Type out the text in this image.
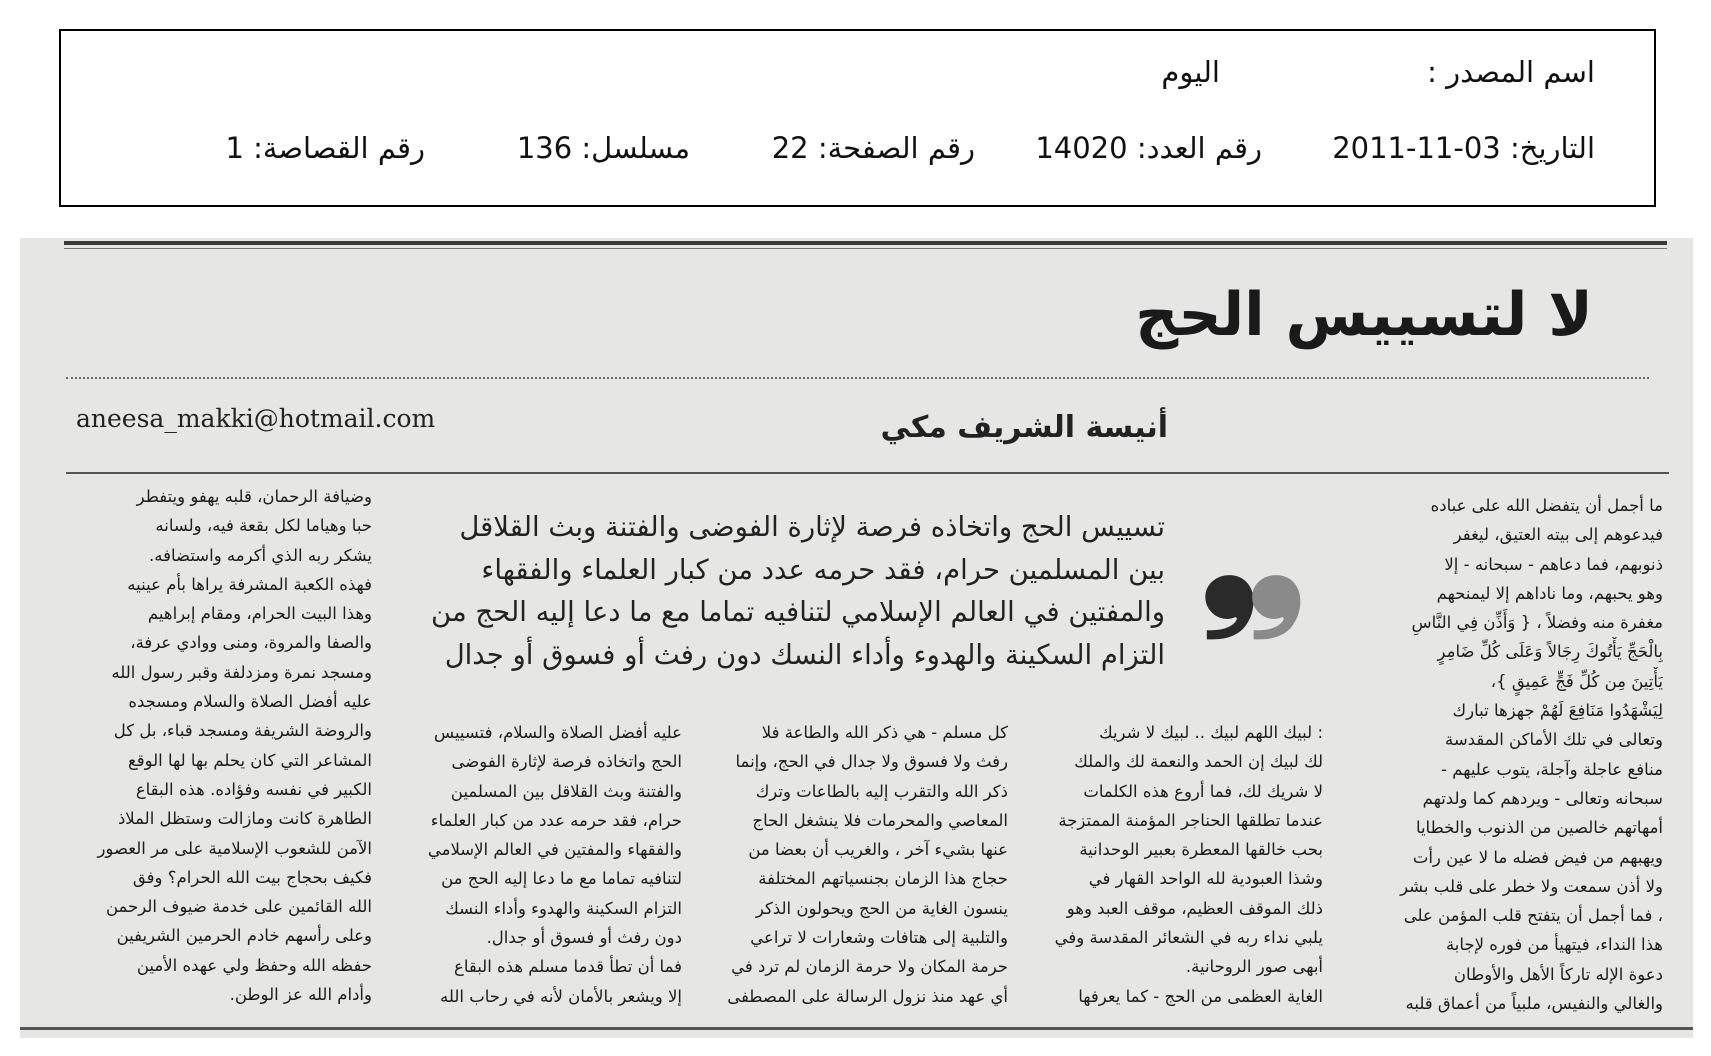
اسم المصدر :
اليوم
التاريخ: 2011-11-03
رقم العدد: 14020
رقم الصفحة: 22
مسلسل: 136
رقم القصاصة: 1
لا لتسييس الحج
aneesa_makki@hotmail.com	أنيسة الشريف مكي
❟❟
تسييس الحج واتخاذه فرصة لإثارة الفوضى والفتنة وبث القلاقل
بين المسلمين حرام، فقد حرمه عدد من كبار العلماء والفقهاء
والمفتين في العالم الإسلامي لتنافيه تماما مع ما دعا إليه الحج من
التزام السكينة والهدوء وأداء النسك دون رفث أو فسوق أو جدال
ما أجمل أن يتفضل الله على عباده
فيدعوهم إلى بيته العتيق، ليغفر
ذنوبهم، فما دعاهم - سبحانه - إلا
وهو يحبهم، وما ناداهم إلا ليمنحهم
مغفرة منه وفضلاً ، { وَأَذِّن فِي النَّاسِ
بِالْحَجِّ يَأْتُوكَ رِجَالاً وَعَلَى كُلِّ ضَامِرٍ
يَأْتِينَ مِن كُلِّ فَجٍّ عَمِيقٍ }،
لِيَشْهَدُوا مَنَافِعَ لَهُمْ جهزها تبارك
وتعالى في تلك الأماكن المقدسة
منافع عاجلة وآجلة، يتوب عليهم -
سبحانه وتعالى - ويردهم كما ولدتهم
أمهاتهم خالصين من الذنوب والخطايا
ويهبهم من فيض فضله ما لا عين رأت
ولا أذن سمعت ولا خطر على قلب بشر
، فما أجمل أن يتفتح قلب المؤمن على
هذا النداء، فيتهيأ من فوره لإجابة
دعوة الإله تاركاً الأهل والأوطان
والغالي والنفيس، ملبياً من أعماق قلبه
: لبيك اللهم لبيك .. لبيك لا شريك
لك لبيك إن الحمد والنعمة لك والملك
لا شريك لك، فما أروع هذه الكلمات
عندما تطلقها الحناجر المؤمنة الممتزجة
بحب خالقها المعطرة بعبير الوحدانية
وشذا العبودية لله الواحد القهار في
ذلك الموقف العظيم، موقف العبد وهو
يلبي نداء ربه في الشعائر المقدسة وفي
أبهى صور الروحانية.
الغاية العظمى من الحج - كما يعرفها
كل مسلم - هي ذكر الله والطاعة فلا
رفث ولا فسوق ولا جدال في الحج، وإنما
ذكر الله والتقرب إليه بالطاعات وترك
المعاصي والمحرمات فلا ينشغل الحاج
عنها بشيء آخر ، والغريب أن بعضا من
حجاج هذا الزمان بجنسياتهم المختلفة
ينسون الغاية من الحج ويحولون الذكر
والتلبية إلى هتافات وشعارات لا تراعي
حرمة المكان ولا حرمة الزمان لم ترد في
أي عهد منذ نزول الرسالة على المصطفى
عليه أفضل الصلاة والسلام، فتسييس
الحج واتخاذه فرصة لإثارة الفوضى
والفتنة وبث القلاقل بين المسلمين
حرام، فقد حرمه عدد من كبار العلماء
والفقهاء والمفتين في العالم الإسلامي
لتنافيه تماما مع ما دعا إليه الحج من
التزام السكينة والهدوء وأداء النسك
دون رفث أو فسوق أو جدال.
فما أن تطأ قدما مسلم هذه البقاع
إلا ويشعر بالأمان لأنه في رحاب الله
وضيافة الرحمان، قلبه يهفو ويتفطر
حبا وهياما لكل بقعة فيه، ولسانه
يشكر ربه الذي أكرمه واستضافه.
فهذه الكعبة المشرفة يراها بأم عينيه
وهذا البيت الحرام، ومقام إبراهيم
والصفا والمروة، ومنى ووادي عرفة،
ومسجد نمرة ومزدلفة وقبر رسول الله
عليه أفضل الصلاة والسلام ومسجده
والروضة الشريفة ومسجد قباء، بل كل
المشاعر التي كان يحلم بها لها الوقع
الكبير في نفسه وفؤاده. هذه البقاع
الطاهرة كانت ومازالت وستظل الملاذ
الآمن للشعوب الإسلامية على مر العصور
فكيف بحجاج بيت الله الحرام؟ وفق
الله القائمين على خدمة ضيوف الرحمن
وعلى رأسهم خادم الحرمين الشريفين
حفظه الله وحفظ ولي عهده الأمين
وأدام الله عز الوطن.
